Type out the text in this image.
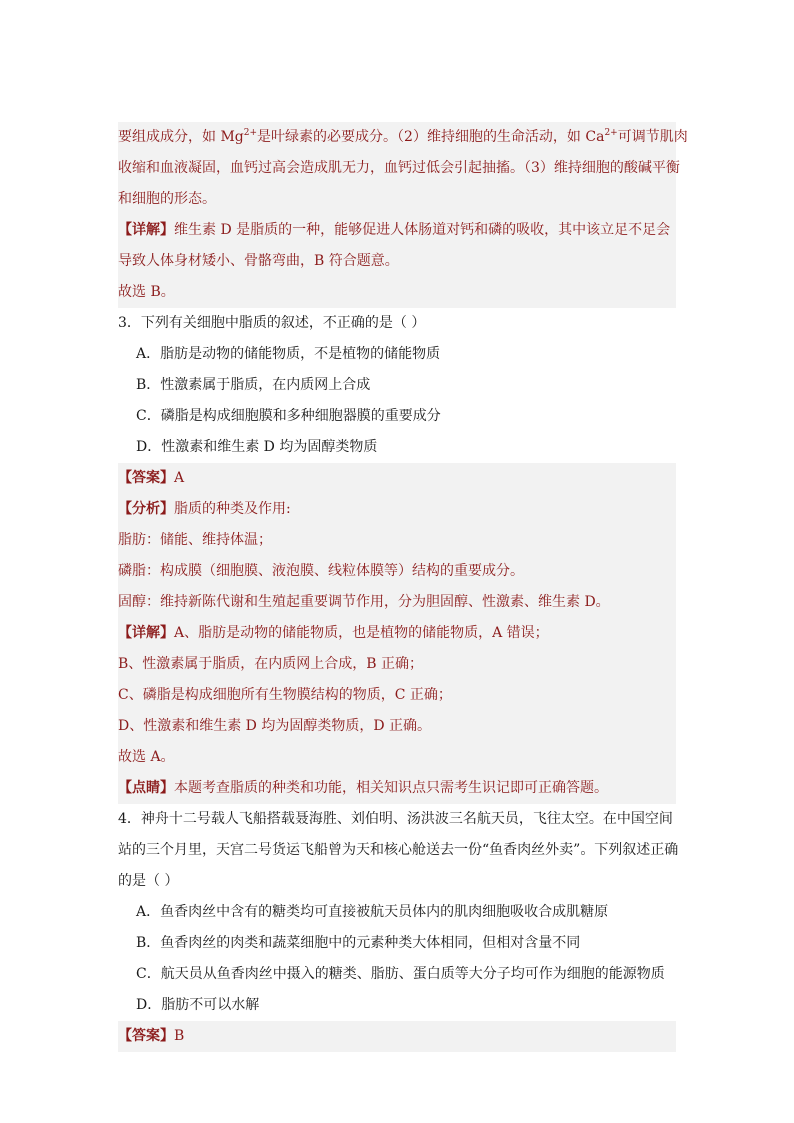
要组成成分，如 $Mg^{2+}$是叶绿素的必要成分。（2）维持细胞的生命活动，如 $Ca^{2+}$可调节肌肉
收缩和血液凝固，血钙过高会造成肌无力，血钙过低会引起抽搐。（3）维持细胞的酸碱平衡
和细胞的形态。
【详解】维生素 D 是脂质的一种，能够促进人体肠道对钙和磷的吸收，其中该立足不足会
导致人体身材矮小、骨骼弯曲，B 符合题意。
故选 B。
3．下列有关细胞中脂质的叙述，不正确的是（ ）
A．脂肪是动物的储能物质，不是植物的储能物质
B．性激素属于脂质，在内质网上合成
C．磷脂是构成细胞膜和多种细胞器膜的重要成分
D．性激素和维生素 D 均为固醇类物质
【答案】A
【分析】脂质的种类及作用:
脂肪：储能、维持体温；
磷脂：构成膜（细胞膜、液泡膜、线粒体膜等）结构的重要成分。
固醇：维持新陈代谢和生殖起重要调节作用，分为胆固醇、性激素、维生素 D。
【详解】A、脂肪是动物的储能物质，也是植物的储能物质，A 错误；
B、性激素属于脂质，在内质网上合成，B 正确；
C、磷脂是构成细胞所有生物膜结构的物质，C 正确；
D、性激素和维生素 D 均为固醇类物质，D 正确。
故选 A。
【点睛】本题考查脂质的种类和功能，相关知识点只需考生识记即可正确答题。
4．神舟十二号载人飞船搭载聂海胜、刘伯明、汤洪波三名航天员，飞往太空。在中国空间
站的三个月里，天宫二号货运飞船曾为天和核心舱送去一份“鱼香肉丝外卖”。下列叙述正确
的是（ ）
A．鱼香肉丝中含有的糖类均可直接被航天员体内的肌肉细胞吸收合成肌糖原
B．鱼香肉丝的肉类和蔬菜细胞中的元素种类大体相同，但相对含量不同
C．航天员从鱼香肉丝中摄入的糖类、脂肪、蛋白质等大分子均可作为细胞的能源物质
D．脂肪不可以水解
【答案】B
